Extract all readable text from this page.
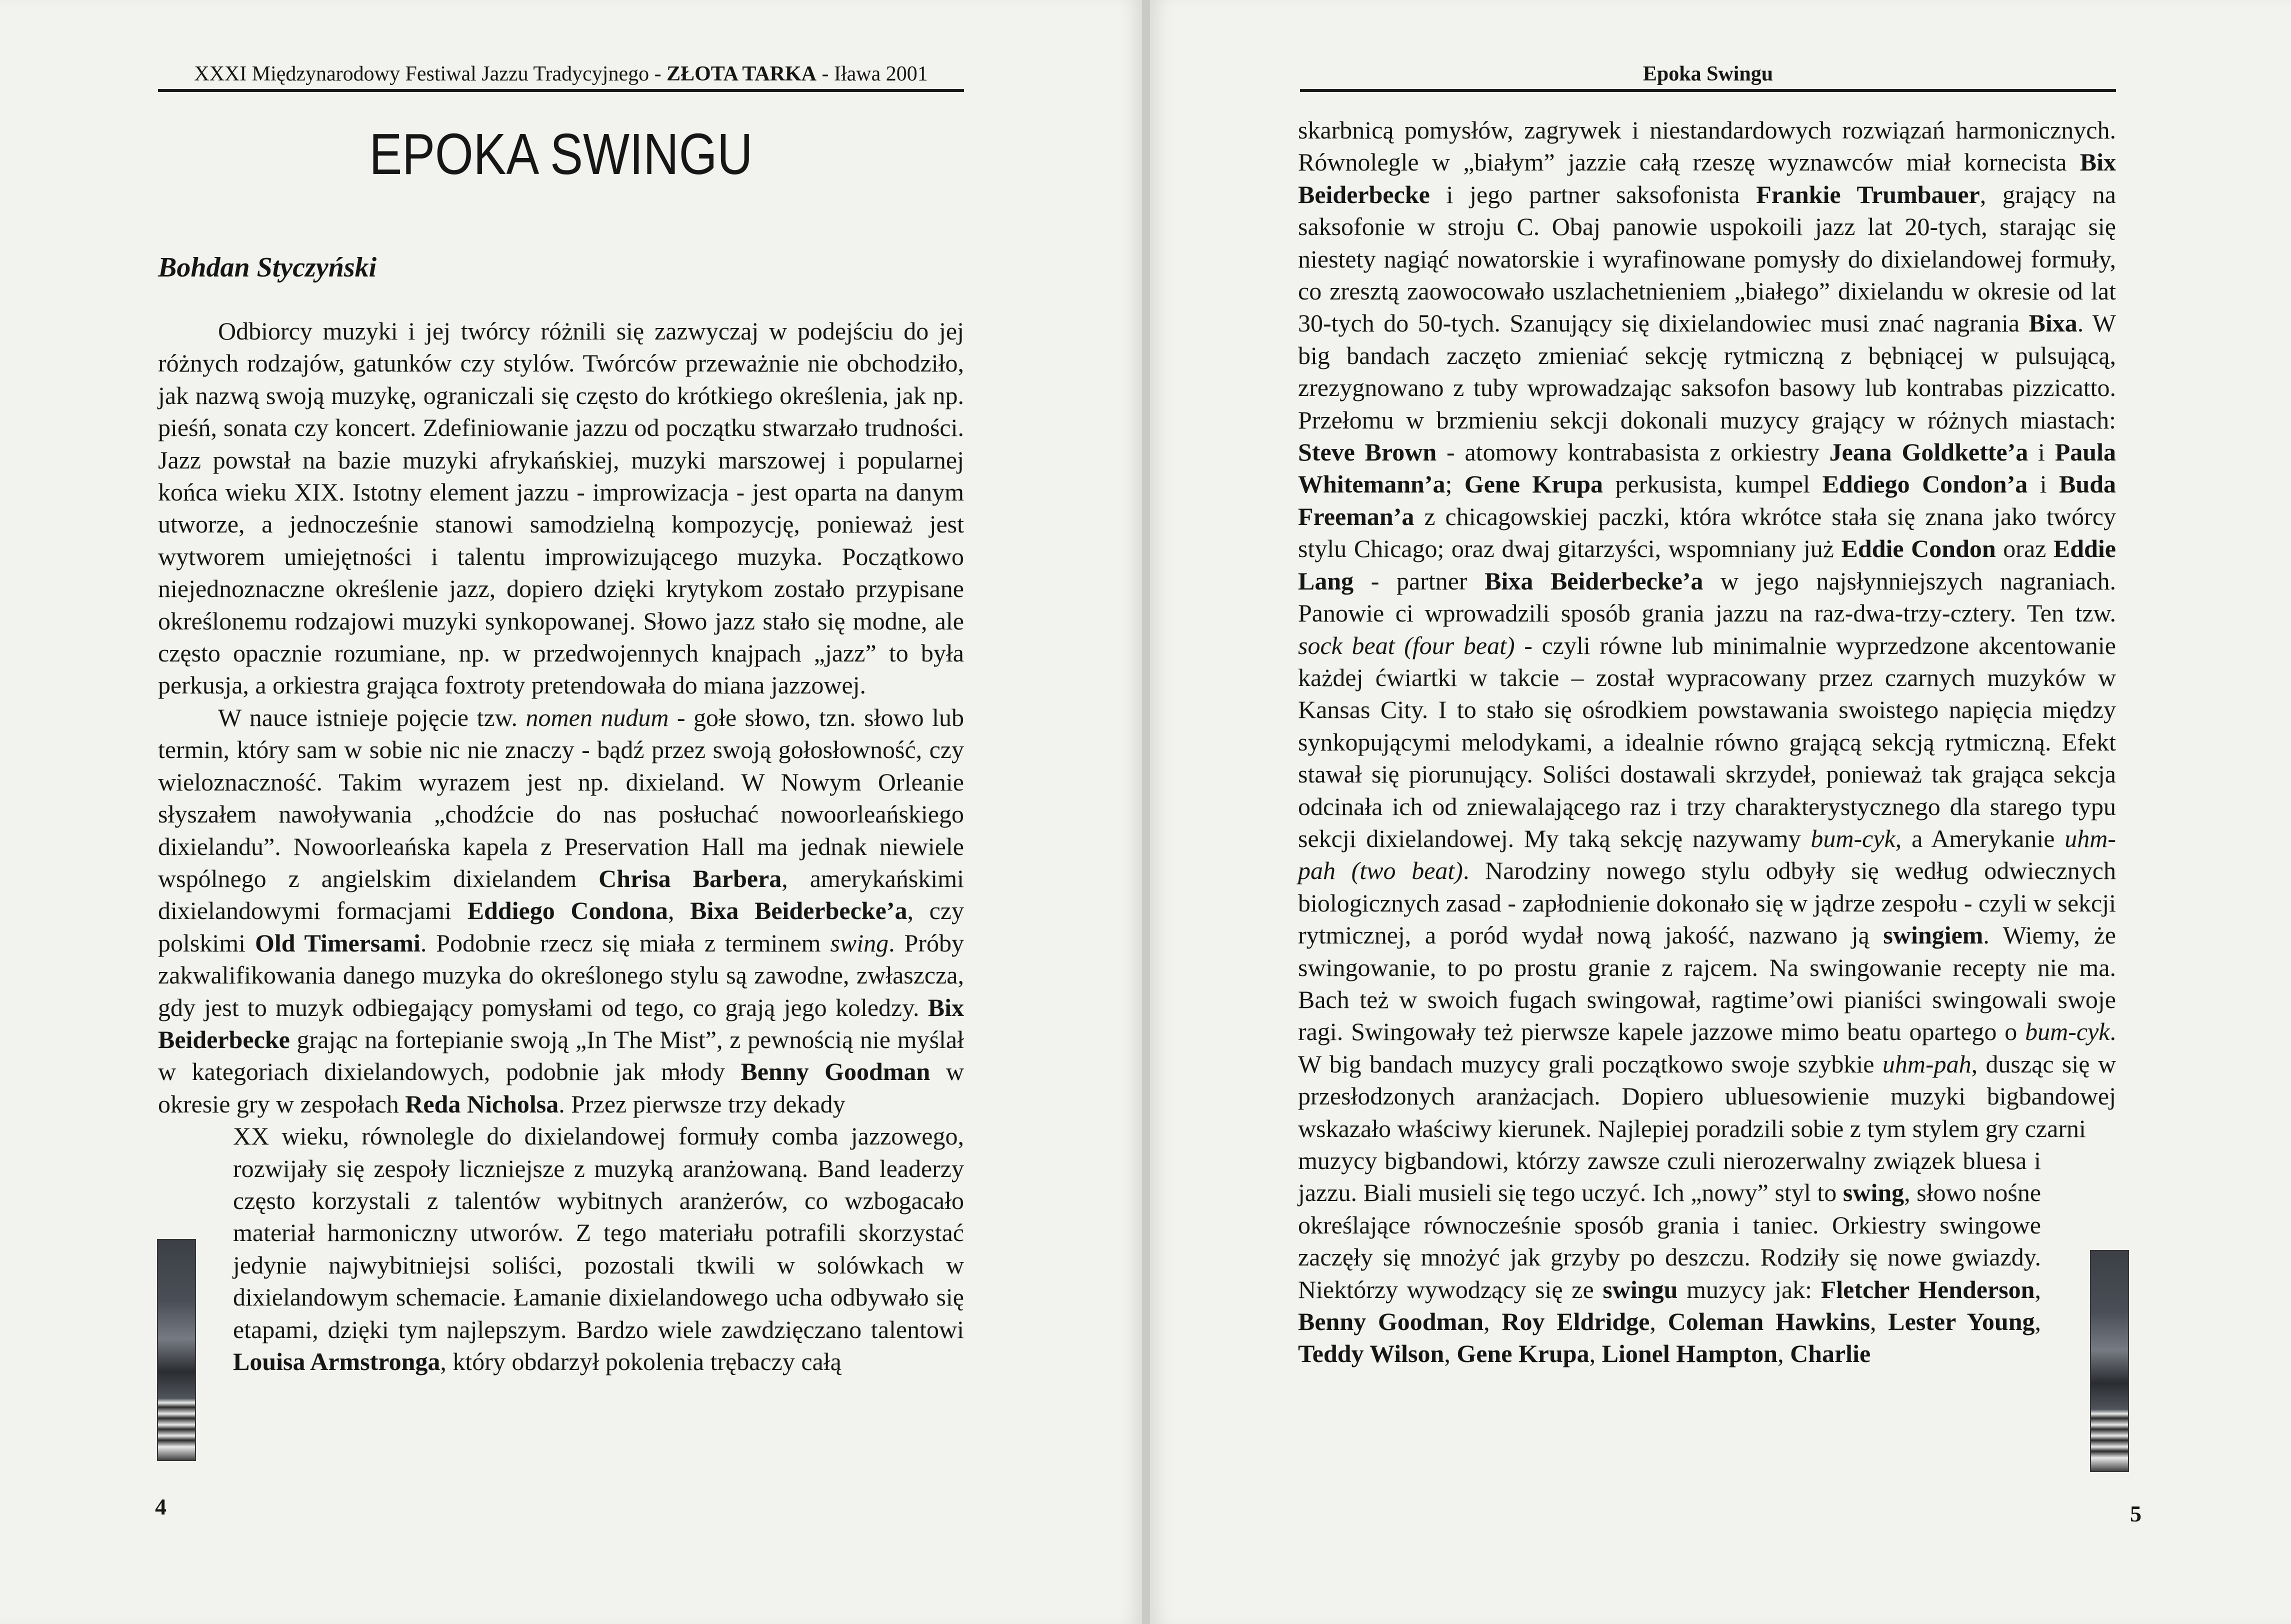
XXXI Międzynarodowy Festiwal Jazzu Tradycyjnego - ZŁOTA TARKA - Iława 2001
EPOKA SWINGU
Bohdan Styczyński

Odbiorcy muzyki i jej twórcy różnili się zazwyczaj w podejściu do jej różnych rodzajów, gatunków czy stylów. Twórców przeważnie nie obchodziło, jak nazwą swoją muzykę, ograniczali się często do krótkiego określenia, jak np. pieśń, sonata czy koncert. Zdefiniowanie jazzu od początku stwarzało trudności. Jazz powstał na bazie muzyki afrykańskiej, muzyki marszowej i popularnej końca wieku XIX. Istotny element jazzu - improwizacja - jest oparta na danym utworze, a jednocześnie stanowi samodzielną kompozycję, ponieważ jest wytworem umiejętności i talentu improwizującego muzyka. Początkowo niejednoznaczne określenie jazz, dopiero dzięki krytykom zostało przypisane określonemu rodzajowi muzyki synkopowanej. Słowo jazz stało się modne, ale często opacznie rozumiane, np. w przedwojennych knajpach „jazz” to była perkusja, a orkiestra grająca foxtroty pretendowała do miana jazzowej.

W nauce istnieje pojęcie tzw. nomen nudum - gołe słowo, tzn. słowo lub termin, który sam w sobie nic nie znaczy - bądź przez swoją gołosłowność, czy wieloznaczność. Takim wyrazem jest np. dixieland. W Nowym Orleanie słyszałem nawoływania „chodźcie do nas posłuchać nowoorleańskiego dixielandu”. Nowoorleańska kapela z Preservation Hall ma jednak niewiele wspólnego z angielskim dixielandem Chrisa Barbera, amerykańskimi dixielandowymi formacjami Eddiego Condona, Bixa Beiderbecke’a, czy polskimi Old Timersami. Podobnie rzecz się miała z terminem swing. Próby zakwalifikowania danego muzyka do określonego stylu są zawodne, zwłaszcza, gdy jest to muzyk odbiegający pomysłami od tego, co grają jego koledzy. Bix Beiderbecke grając na fortepianie swoją „In The Mist”, z pewnością nie myślał w kategoriach dixielandowych, podobnie jak młody Benny Goodman w okresie gry w zespołach Reda Nicholsa. Przez pierwsze trzy dekady

XX wieku, równolegle do dixielandowej formuły comba jazzowego, rozwijały się zespoły liczniejsze z muzyką aranżowaną. Band leaderzy często korzystali z talentów wybitnych aranżerów, co wzbogacało materiał harmoniczny utworów. Z tego materiału potrafili skorzystać jedynie najwybitniejsi soliści, pozostali tkwili w solówkach w dixielandowym schemacie. Łamanie dixielandowego ucha odbywało się etapami, dzięki tym najlepszym. Bardzo wiele zawdzięczano talentowi Louisa Armstronga, który obdarzył pokolenia trębaczy całą

4
Epoka Swingu

skarbnicą pomysłów, zagrywek i niestandardowych rozwiązań harmonicznych. Równolegle w „białym” jazzie całą rzeszę wyznawców miał kornecista Bix Beiderbecke i jego partner saksofonista Frankie Trumbauer, grający na saksofonie w stroju C. Obaj panowie uspokoili jazz lat 20-tych, starając się niestety nagiąć nowatorskie i wyrafinowane pomysły do dixielandowej formuły, co zresztą zaowocowało uszlachetnieniem „białego” dixielandu w okresie od lat 30-tych do 50-tych. Szanujący się dixielandowiec musi znać nagrania Bixa. W big bandach zaczęto zmieniać sekcję rytmiczną z bębniącej w pulsującą, zrezygnowano z tuby wprowadzając saksofon basowy lub kontrabas pizzicatto. Przełomu w brzmieniu sekcji dokonali muzycy grający w różnych miastach: Steve Brown - atomowy kontrabasista z orkiestry Jeana Goldkette’a i Paula Whitemann’a; Gene Krupa perkusista, kumpel Eddiego Condon’a i Buda Freeman’a z chicagowskiej paczki, która wkrótce stała się znana jako twórcy stylu Chicago; oraz dwaj gitarzyści, wspomniany już Eddie Condon oraz Eddie Lang - partner Bixa Beiderbecke’a w jego najsłynniejszych nagraniach. Panowie ci wprowadzili sposób grania jazzu na raz-dwa-trzy-cztery. Ten tzw. sock beat (four beat) - czyli równe lub minimalnie wyprzedzone akcentowanie każdej ćwiartki w takcie – został wypracowany przez czarnych muzyków w Kansas City. I to stało się ośrodkiem powstawania swoistego napięcia między synkopującymi melodykami, a idealnie równo grającą sekcją rytmiczną. Efekt stawał się piorunujący. Soliści dostawali skrzydeł, ponieważ tak grająca sekcja odcinała ich od zniewalającego raz i trzy charakterystycznego dla starego typu sekcji dixielandowej. My taką sekcję nazywamy bum-cyk, a Amerykanie uhm-pah (two beat). Narodziny nowego stylu odbyły się według odwiecznych biologicznych zasad - zapłodnienie dokonało się w jądrze zespołu - czyli w sekcji rytmicznej, a poród wydał nową jakość, nazwano ją swingiem. Wiemy, że swingowanie, to po prostu granie z rajcem. Na swingowanie recepty nie ma. Bach też w swoich fugach swingował, ragtime’owi pianiści swingowali swoje ragi. Swingowały też pierwsze kapele jazzowe mimo beatu opartego o bum-cyk. W big bandach muzycy grali początkowo swoje szybkie uhm-pah, dusząc się w przesłodzonych aranżacjach. Dopiero ubluesowienie muzyki bigbandowej wskazało właściwy kierunek. Najlepiej poradzili sobie z tym stylem gry czarni

muzycy bigbandowi, którzy zawsze czuli nierozerwalny związek bluesa i jazzu. Biali musieli się tego uczyć. Ich „nowy” styl to swing, słowo nośne określające równocześnie sposób grania i taniec. Orkiestry swingowe zaczęły się mnożyć jak grzyby po deszczu. Rodziły się nowe gwiazdy. Niektórzy wywodzący się ze swingu muzycy jak: Fletcher Henderson, Benny Goodman, Roy Eldridge, Coleman Hawkins, Lester Young, Teddy Wilson, Gene Krupa, Lionel Hampton, Charlie

5
